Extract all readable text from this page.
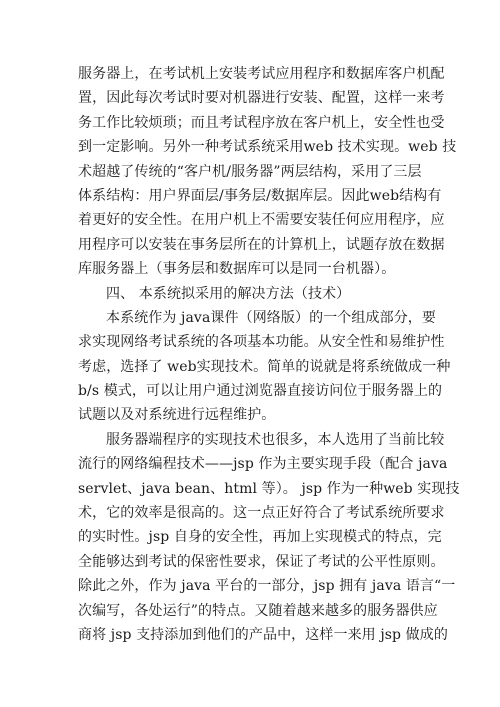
服务器上，在考试机上安装考试应用程序和数据库客户机配
置，因此每次考试时要对机器进行安装、配置，这样一来考
务工作比较烦琐；而且考试程序放在客户机上，安全性也受
到一定影响。另外一种考试系统采用web 技术实现。web 技
术超越了传统的“客户机/服务器”两层结构，采用了三层
体系结构：用户界面层/事务层/数据库层。因此web结构有
着更好的安全性。在用户机上不需要安装任何应用程序，应
用程序可以安装在事务层所在的计算机上，试题存放在数据
库服务器上（事务层和数据库可以是同一台机器）。
四、 本系统拟采用的解决方法（技术）
本系统作为 java课件（网络版）的一个组成部分，要
求实现网络考试系统的各项基本功能。从安全性和易维护性
考虑，选择了 web实现技术。简单的说就是将系统做成一种
b/s 模式，可以让用户通过浏览器直接访问位于服务器上的
试题以及对系统进行远程维护。
服务器端程序的实现技术也很多，本人选用了当前比较
流行的网络编程技术——jsp 作为主要实现手段（配合 java
servlet、java bean、html 等）。 jsp 作为一种web 实现技
术，它的效率是很高的。这一点正好符合了考试系统所要求
的实时性。jsp 自身的安全性，再加上实现模式的特点，完
全能够达到考试的保密性要求，保证了考试的公平性原则。
除此之外，作为 java 平台的一部分，jsp 拥有 java 语言“一
次编写，各处运行”的特点。又随着越来越多的服务器供应
商将 jsp 支持添加到他们的产品中，这样一来用 jsp 做成的
